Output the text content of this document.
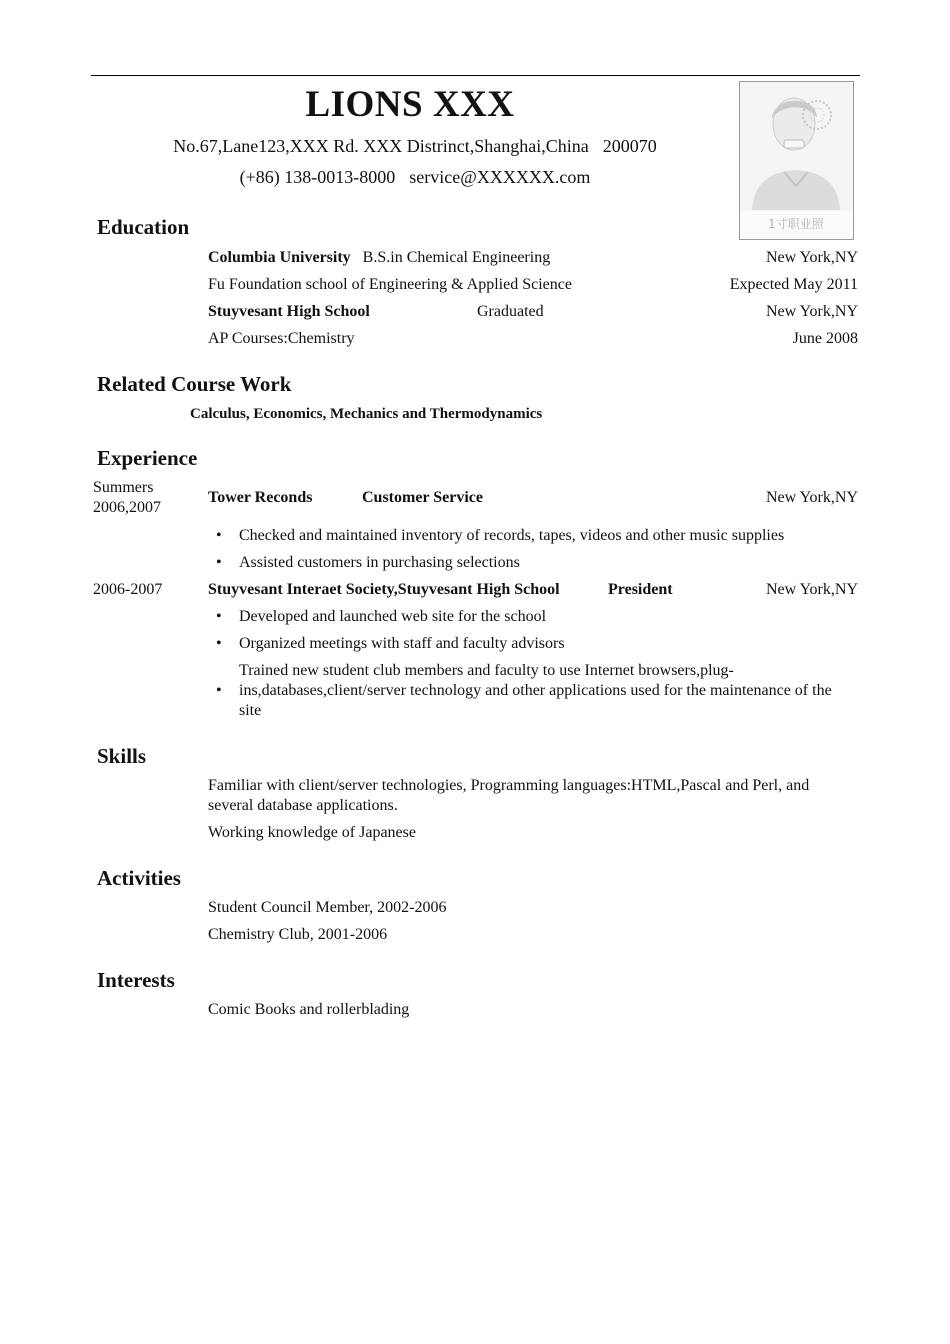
LIONS XXX
No.67,Lane123,XXX Rd. XXX Distrinct,Shanghai,China 200070
(+86) 138-0013-8000 service@XXXXXX.com
1寸职业照
Education
Columbia University B.S.in Chemical Engineering	New York,NY
Fu Foundation school of Engineering & Applied Science	Expected May 2011
Stuyvesant High School	Graduated	New York,NY
AP Courses:Chemistry	June 2008
Related Course Work
Calculus, Economics, Mechanics and Thermodynamics
Experience
Summers
2006,2007
Tower Reconds	Customer Service	New York,NY
• Checked and maintained inventory of records, tapes, videos and other music supplies
• Assisted customers in purchasing selections
2006-2007	Stuyvesant Interaet Society,Stuyvesant High School	President	New York,NY
• Developed and launched web site for the school
• Organized meetings with staff and faculty advisors
•
Trained new student club members and faculty to use Internet browsers,plug-ins,databases,client/server technology and other applications used for the maintenance of the site
Skills
Familiar with client/server technologies, Programming languages:HTML,Pascal and Perl, and several database applications.
Working knowledge of Japanese
Activities
Student Council Member, 2002-2006
Chemistry Club, 2001-2006
Interests
Comic Books and rollerblading
